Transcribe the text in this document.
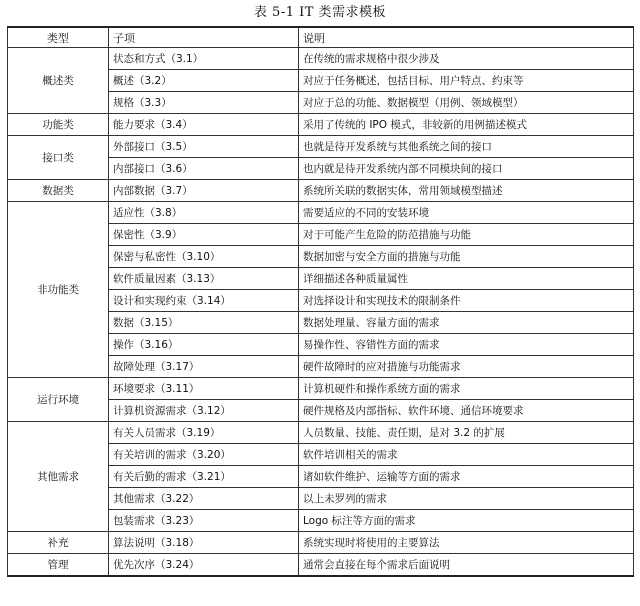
表 5-1 IT 类需求模板
类型	子项	说明
概述类	状态和方式（3.1）	在传统的需求规格中很少涉及
	概述（3.2）	对应于任务概述，包括目标、用户特点、约束等
	规格（3.3）	对应于总的功能、数据模型（用例、领域模型）
功能类	能力要求（3.4）	采用了传统的 IPO 模式，非较新的用例描述模式
接口类	外部接口（3.5）	也就是待开发系统与其他系统之间的接口
	内部接口（3.6）	也内就是待开发系统内部不同模块间的接口
数据类	内部数据（3.7）	系统所关联的数据实体，常用领域模型描述
非功能类	适应性（3.8）	需要适应的不同的安装环境
	保密性（3.9）	对于可能产生危险的防范措施与功能
	保密与私密性（3.10）	数据加密与安全方面的措施与功能
	软件质量因素（3.13）	详细描述各种质量属性
	设计和实现约束（3.14）	对选择设计和实现技术的限制条件
	数据（3.15）	数据处理量、容量方面的需求
	操作（3.16）	易操作性、容错性方面的需求
	故障处理（3.17）	硬件故障时的应对措施与功能需求
运行环境	环境要求（3.11）	计算机硬件和操作系统方面的需求
	计算机资源需求（3.12）	硬件规格及内部指标、软件环境、通信环境要求
其他需求	有关人员需求（3.19）	人员数量、技能、责任期，是对 3.2 的扩展
	有关培训的需求（3.20）	软件培训相关的需求
	有关后勤的需求（3.21）	诸如软件维护、运输等方面的需求
	其他需求（3.22）	以上未罗列的需求
	包装需求（3.23）	Logo 标注等方面的需求
补充	算法说明（3.18）	系统实现时将使用的主要算法
管理	优先次序（3.24）	通常会直接在每个需求后面说明
